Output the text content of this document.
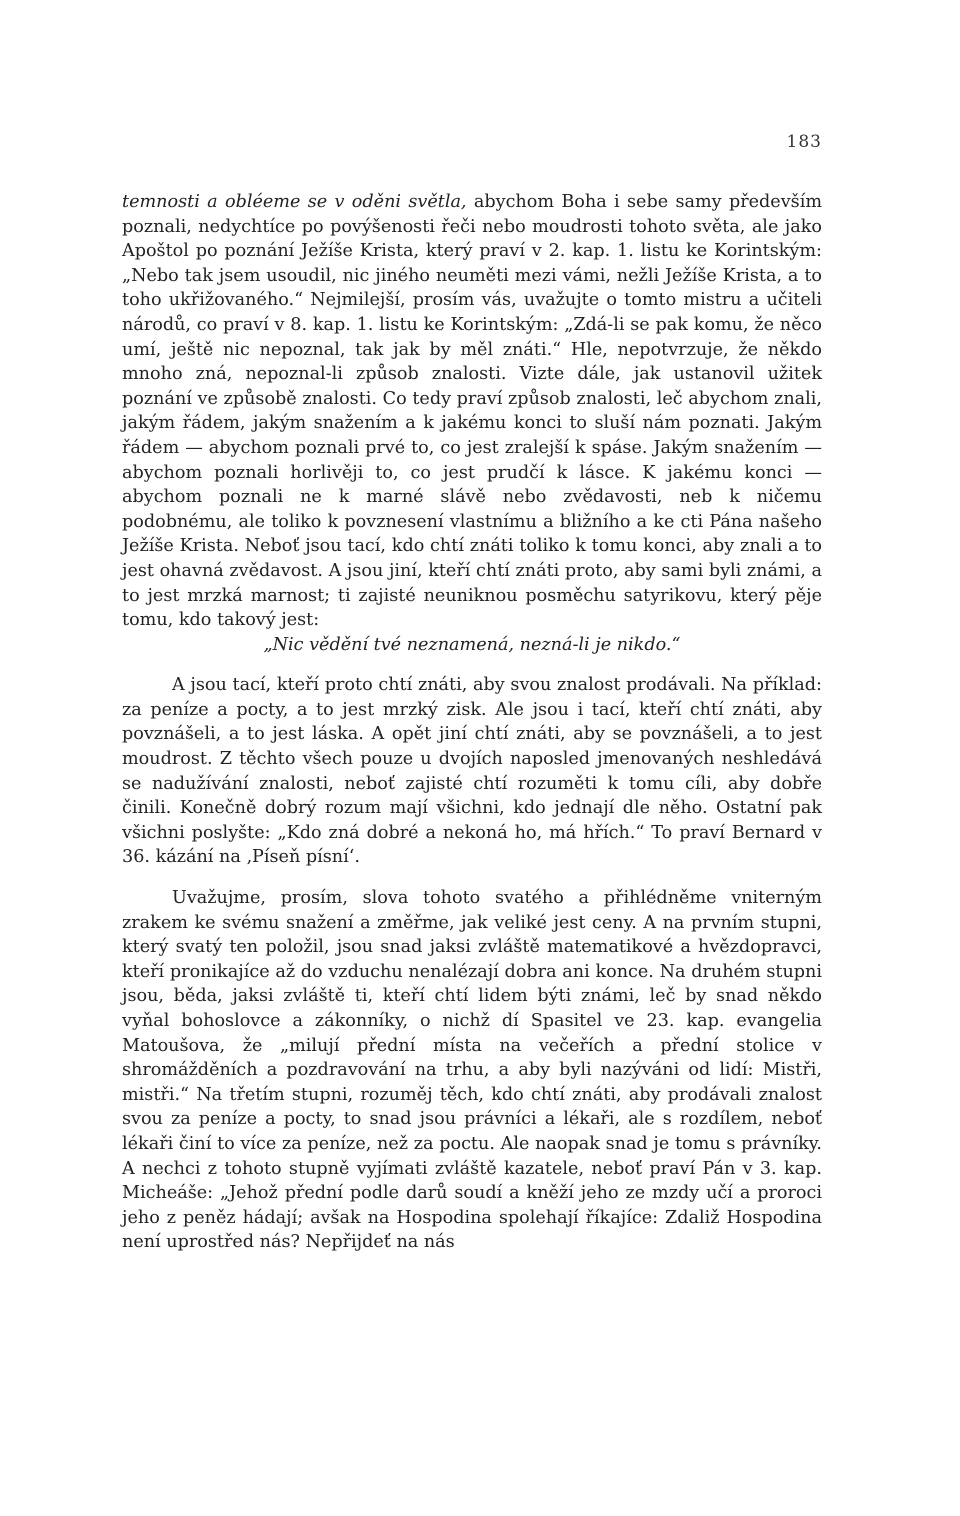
183

temnosti a obléeme se v oděni světla, abychom Boha i sebe samy především poznali, nedychtíce po povýšenosti řeči nebo moudrosti tohoto světa, ale jako Apoštol po poznání Ježíše Krista, který praví v 2. kap. 1. listu ke Korintským: „Nebo tak jsem usoudil, nic jiného neuměti mezi vámi, nežli Ježíše Krista, a to toho ukřižovaného.“ Nejmilejší, prosím vás, uvažujte o tomto mistru a učiteli národů, co praví v 8. kap. 1. listu ke Korintským: „Zdá-li se pak komu, že něco umí, ještě nic nepoznal, tak jak by měl znáti.“ Hle, nepotvrzuje, že někdo mnoho zná, nepoznal-li způsob znalosti. Vizte dále, jak ustanovil užitek poznání ve způsobě znalosti. Co tedy praví způsob znalosti, leč abychom znali, jakým řádem, jakým snažením a k jakému konci to sluší nám poznati. Jakým řádem — abychom poznali prvé to, co jest zralejší k spáse. Jakým snažením — abychom poznali horlivěji to, co jest prudčí k lásce. K jakému konci — abychom poznali ne k marné slávě nebo zvědavosti, neb k ničemu podobnému, ale toliko k povznesení vlastnímu a bližního a ke cti Pána našeho Ježíše Krista. Neboť jsou tací, kdo chtí znáti toliko k tomu konci, aby znali a to jest ohavná zvědavost. A jsou jiní, kteří chtí znáti proto, aby sami byli známi, a to jest mrzká marnost; ti zajisté neuniknou posměchu satyrikovu, který pěje tomu, kdo takový jest:

„Nic vědění tvé neznamená, nezná-li je nikdo.“

A jsou tací, kteří proto chtí znáti, aby svou znalost prodávali. Na příklad: za peníze a pocty, a to jest mrzký zisk. Ale jsou i tací, kteří chtí znáti, aby povznášeli, a to jest láska. A opět jiní chtí znáti, aby se povznášeli, a to jest moudrost. Z těchto všech pouze u dvojích naposled jmenovaných neshledává se nadužívání znalosti, neboť zajisté chtí rozuměti k tomu cíli, aby dobře činili. Konečně dobrý rozum mají všichni, kdo jednají dle něho. Ostatní pak všichni poslyšte: „Kdo zná dobré a nekoná ho, má hřích.“ To praví Bernard v 36. kázání na ‚Píseň písní‘.

Uvažujme, prosím, slova tohoto svatého a přihlédněme vniterným zrakem ke svému snažení a změřme, jak veliké jest ceny. A na prvním stupni, který svatý ten položil, jsou snad jaksi zvláště matematikové a hvězdopravci, kteří pronikajíce až do vzduchu nenalézají dobra ani konce. Na druhém stupni jsou, běda, jaksi zvláště ti, kteří chtí lidem býti známi, leč by snad někdo vyňal bohoslovce a zákonníky, o nichž dí Spasitel ve 23. kap. evangelia Matoušova, že „milují přední místa na večeřích a přední stolice v shromážděních a pozdravování na trhu, a aby byli nazýváni od lidí: Mistři, mistři.“ Na třetím stupni, rozuměj těch, kdo chtí znáti, aby prodávali znalost svou za peníze a pocty, to snad jsou právníci a lékaři, ale s rozdílem, neboť lékaři činí to více za peníze, než za poctu. Ale naopak snad je tomu s právníky. A nechci z tohoto stupně vyjímati zvláště kazatele, neboť praví Pán v 3. kap. Micheáše: „Jehož přední podle darů soudí a kněží jeho ze mzdy učí a proroci jeho z peněz hádají; avšak na Hospodina spolehají říkajíce: Zdaliž Hospodina není uprostřed nás? Nepřijdeť na nás
